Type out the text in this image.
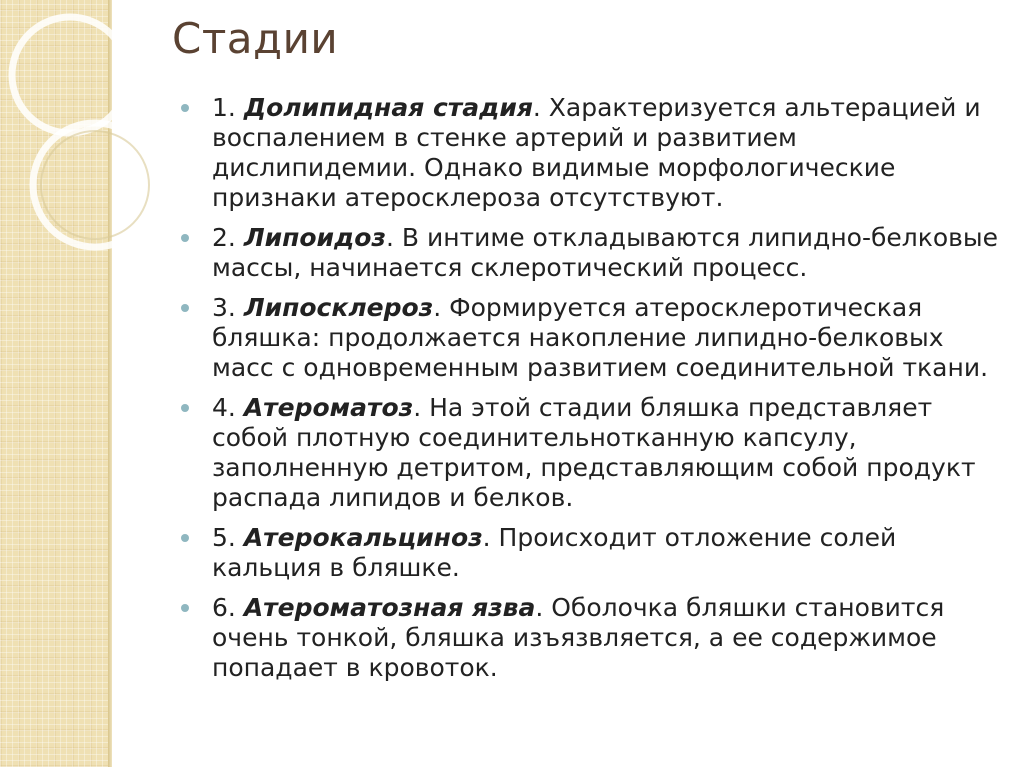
Стадии
1. Долипидная стадия. Характеризуется альтерацией и воспалением в стенке артерий и развитием дислипидемии. Однако видимые морфологические признаки атеросклероза отсутствуют.
2. Липоидоз. В интиме откладываются липидно-белковые массы, начинается склеротический процесс.
3. Липосклероз. Формируется атеросклеротическая бляшка: продолжается накопление липидно-белковых масс с одновременным развитием соединительной ткани.
4. Атероматоз. На этой стадии бляшка представляет собой плотную соединительнотканную капсулу, заполненную детритом, представляющим собой продукт распада липидов и белков.
5. Атерокальциноз. Происходит отложение солей кальция в бляшке.
6. Атероматозная язва. Оболочка бляшки становится очень тонкой, бляшка изъязвляется, а ее содержимое попадает в кровоток.
